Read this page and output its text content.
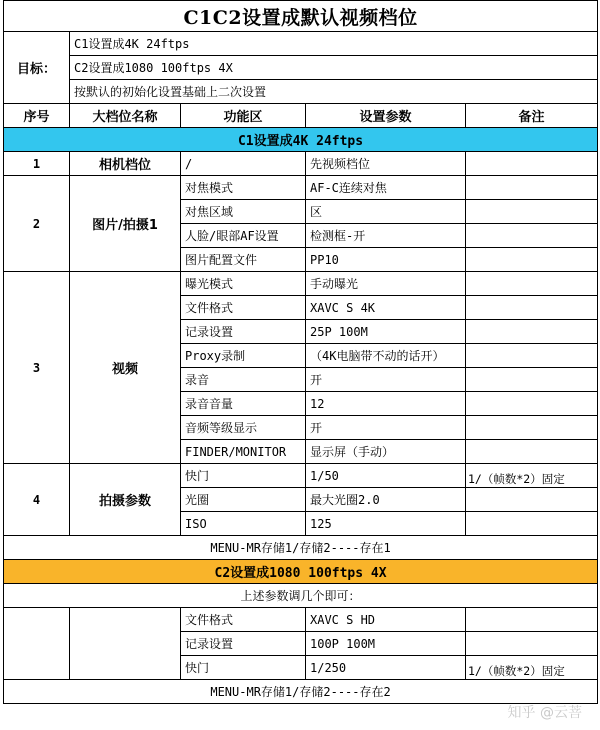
C1C2设置成默认视频档位				
目标：	C1设置成4K 24ftps			
	C2设置成1080 100ftps 4X			
	按默认的初始化设置基础上二次设置			
序号	大档位名称	功能区	设置参数	备注
C1设置成4K 24ftps				
1	相机档位	/	先视频档位	
2	图片/拍摄1	对焦模式	AF-C连续对焦	
		对焦区域	区	
		人脸/眼部AF设置	检测框-开	
		图片配置文件	PP10	
3	视频	曝光模式	手动曝光	
		文件格式	XAVC S 4K	
		记录设置	25P 100M	
		Proxy录制	（4K电脑带不动的话开）	
		录音	开	
		录音音量	12	
		音频等级显示	开	
		FINDER/MONITOR	显示屏（手动）	
4	拍摄参数	快门	1/50	1/（帧数*2）固定
		光圈	最大光圈2.0	
		ISO	125	
MENU-MR存储1/存储2----存在1				
C2设置成1080 100ftps 4X				
上述参数调几个即可：				
		文件格式	XAVC S HD	
		记录设置	100P 100M	
		快门	1/250	1/（帧数*2）固定
MENU-MR存储1/存储2----存在2				
知乎 @云菩
